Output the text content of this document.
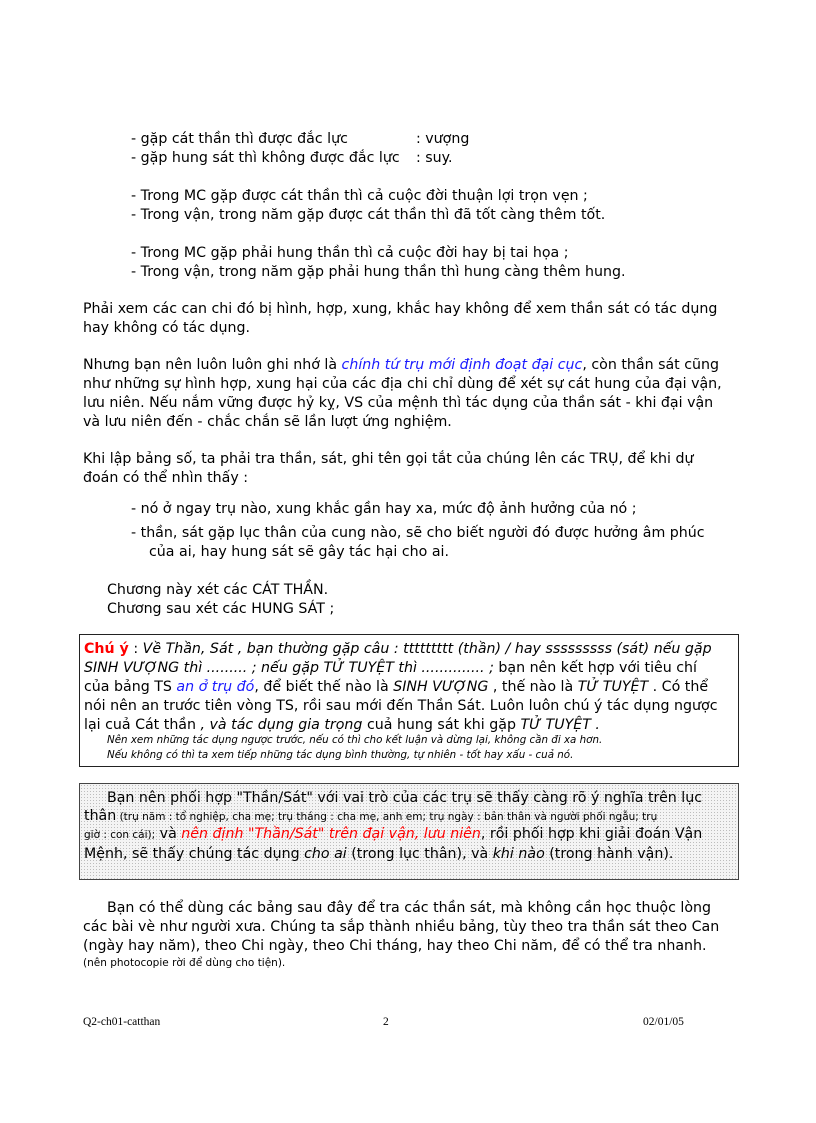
- gặp cát thần thì được đắc lực	: vượng
- gặp hung sát thì không được đắc lực : suy.
- Trong MC gặp được cát thần thì cả cuộc đời thuận lợi trọn vẹn ;
- Trong vận, trong năm gặp được cát thần thì đã tốt càng thêm tốt.
- Trong MC gặp phải hung thần thì cả cuộc đời hay bị tai họa ;
- Trong vận, trong năm gặp phải hung thần thì hung càng thêm hung.
Phải xem các can chi đó bị hình, hợp, xung, khắc hay không để xem thần sát có tác dụng
hay không có tác dụng.
Nhưng bạn nên luôn luôn ghi nhớ là chính tứ trụ mới định đoạt đại cục, còn thần sát cũng
như những sự hình hợp, xung hại của các địa chi chỉ dùng để xét sự cát hung của đại vận,
lưu niên. Nếu nắm vững được hỷ kỵ, VS của mệnh thì tác dụng của thần sát - khi đại vận
và lưu niên đến - chắc chắn sẽ lần lượt ứng nghiệm.
Khi lập bảng số, ta phải tra thần, sát, ghi tên gọi tắt của chúng lên các TRỤ, để khi dự
đoán có thể nhìn thấy :
- nó ở ngay trụ nào, xung khắc gần hay xa, mức độ ảnh hưởng của nó ;
- thần, sát gặp lục thân của cung nào, sẽ cho biết người đó được hưởng âm phúc
của ai, hay hung sát sẽ gây tác hại cho ai.
Chương này xét các CÁT THẦN.
Chương sau xét các HUNG SÁT ;
Chú ý : Về Thần, Sát , bạn thường gặp câu : ttttttttt (thần) / hay sssssssss (sát) nếu gặp
SINH VƯỢNG thì ......... ; nếu gặp TỬ TUYỆT thì .............. ; bạn nên kết hợp với tiêu chí
của bảng TS an ở trụ đó, để biết thế nào là SINH VƯỢNG , thế nào là TỬ TUYỆT . Có thể
nói nên an trước tiên vòng TS, rồi sau mới đến Thần Sát. Luôn luôn chú ý tác dụng ngược
lại cuả Cát thần , và tác dụng gia trọng cuả hung sát khi gặp TỬ TUYỆT .
Nên xem những tác dụng ngược trước, nếu có thì cho kết luận và dừng lại, không cần đi xa hơn.
Nếu không có thì ta xem tiếp những tác dụng bình thường, tự nhiên - tốt hay xấu - cuả nó.
Bạn nên phối hợp "Thần/Sát" với vai trò của các trụ sẽ thấy càng rõ ý nghĩa trên lục
thân (trụ năm : tổ nghiệp, cha mẹ; trụ tháng : cha mẹ, anh em; trụ ngày : bản thân và người phối ngẫu; trụ
giờ : con cái); và nên định "Thần/Sát" trên đại vận, lưu niên, rồi phối hợp khi giải đoán Vận
Mệnh, sẽ thấy chúng tác dụng cho ai (trong lục thân), và khi nào (trong hành vận).
Bạn có thể dùng các bảng sau đây để tra các thần sát, mà không cần học thuộc lòng
các bài vè như người xưa. Chúng ta sắp thành nhiều bảng, tùy theo tra thần sát theo Can
(ngày hay năm), theo Chi ngày, theo Chi tháng, hay theo Chi năm, để có thể tra nhanh.
(nên photocopie rời để dùng cho tiện).
Q2-ch01-catthan	2	02/01/05
